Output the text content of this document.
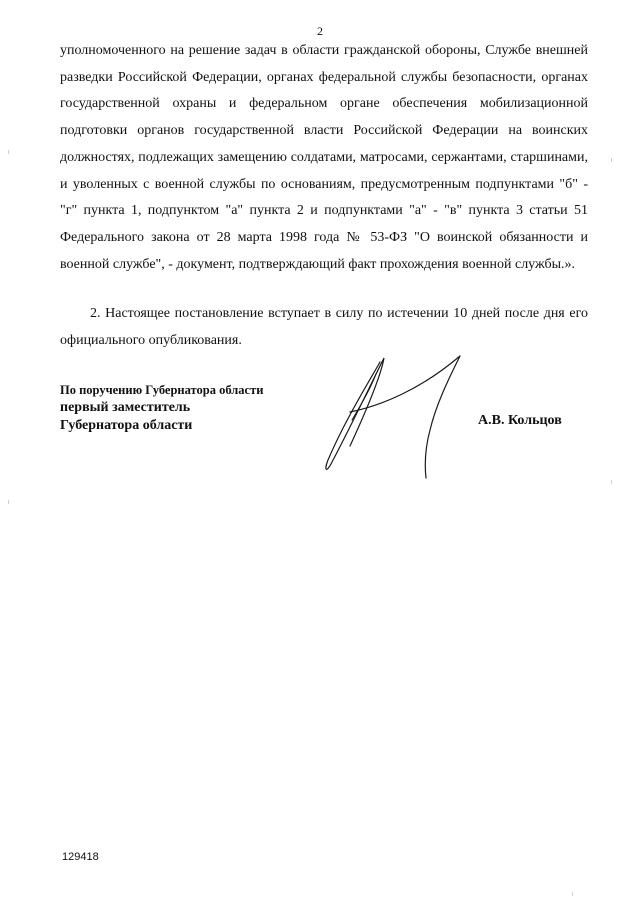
2

уполномоченного на решение задач в области гражданской обороны, Службе внешней разведки Российской Федерации, органах федеральной службы безопасности, органах государственной охраны и федеральном органе обеспечения мобилизационной подготовки органов государственной власти Российской Федерации на воинских должностях, подлежащих замещению солдатами, матросами, сержантами, старшинами, и уволенных с военной службы по основаниям, предусмотренным подпунктами "б" - "г" пункта 1, подпунктом "а" пункта 2 и подпунктами "а" - "в" пункта 3 статьи 51 Федерального закона от 28 марта 1998 года № 53-ФЗ "О воинской обязанности и военной службе", - документ, подтверждающий факт прохождения военной службы.».

2. Настоящее постановление вступает в силу по истечении 10 дней после дня его официального опубликования.

По поручению Губернатора области
первый заместитель
Губернатора области	А.В. Кольцов
129418
